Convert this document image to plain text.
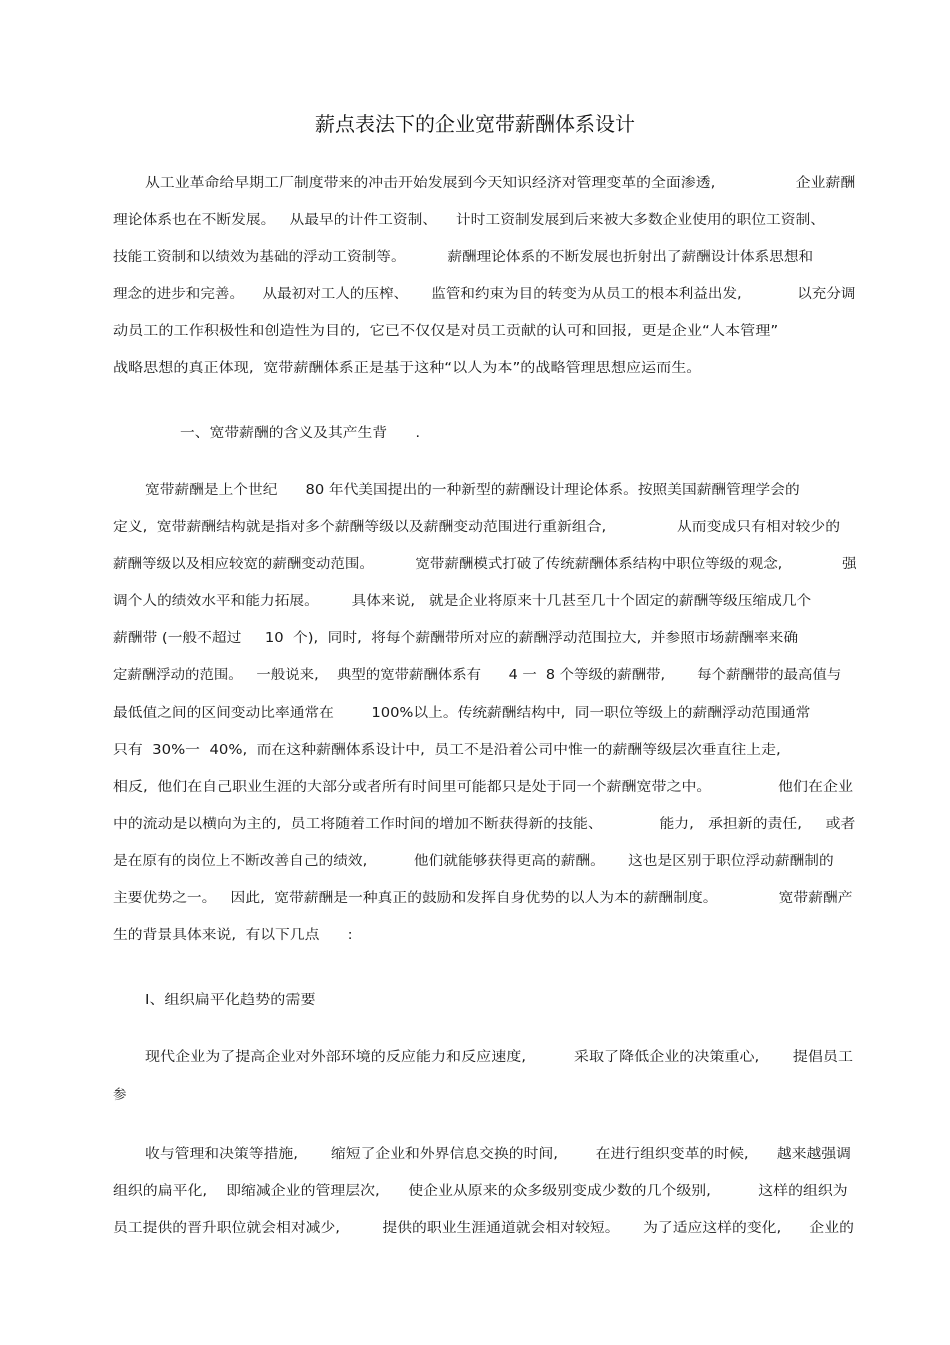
薪点表法下的企业宽带薪酬体系设计
从工业革命给早期工厂制度带来的冲击开始发展到今天知识经济对管理变革的全面渗透,                 企业薪酬
理论体系也在不断发展。   从最早的计件工资制、    计时工资制发展到后来被大多数企业使用的职位工资制、
技能工资制和以绩效为基础的浮动工资制等。         薪酬理论体系的不断发展也折射出了薪酬设计体系思想和
理念的进步和完善。    从最初对工人的压榨、     监管和约束为目的转变为从员工的根本利益出发,            以充分调
动员工的工作积极性和创造性为目的,  它已不仅仅是对员工贡献的认可和回报,  更是企业“人本管理”
战略思想的真正体现,  宽带薪酬体系正是基于这种“以人为本”的战略管理思想应运而生。
一、宽带薪酬的含义及其产生背      .
宽带薪酬是上个世纪      80 年代美国提出的一种新型的薪酬设计理论体系。按照美国薪酬管理学会的
定义,  宽带薪酬结构就是指对多个薪酬等级以及薪酬变动范围进行重新组合,               从而变成只有相对较少的
薪酬等级以及相应较宽的薪酬变动范围。         宽带薪酬模式打破了传统薪酬体系结构中职位等级的观念,             强
调个人的绩效水平和能力拓展。       具体来说,   就是企业将原来十几甚至几十个固定的薪酬等级压缩成几个
薪酬带 (一般不超过     10  个),  同时,  将每个薪酬带所对应的薪酬浮动范围拉大,  并参照市场薪酬率来确
定薪酬浮动的范围。   一般说来,    典型的宽带薪酬体系有      4 一  8 个等级的薪酬带,       每个薪酬带的最高值与
最低值之间的区间变动比率通常在        100%以上。传统薪酬结构中,  同一职位等级上的薪酬浮动范围通常
只有  30%一  40%,  而在这种薪酬体系设计中,  员工不是沿着公司中惟一的薪酬等级层次垂直往上走,
相反,  他们在自己职业生涯的大部分或者所有时间里可能都只是处于同一个薪酬宽带之中。              他们在企业
中的流动是以横向为主的,  员工将随着工作时间的增加不断获得新的技能、            能力,   承担新的责任,     或者
是在原有的岗位上不断改善自己的绩效,          他们就能够获得更高的薪酬。     这也是区别于职位浮动薪酬制的
主要优势之一。   因此,  宽带薪酬是一种真正的鼓励和发挥自身优势的以人为本的薪酬制度。             宽带薪酬产
生的背景具体来说,  有以下几点      :
I、组织扁平化趋势的需要
现代企业为了提高企业对外部环境的反应能力和反应速度,          采取了降低企业的决策重心,       提倡员工
参
收与管理和决策等措施,       缩短了企业和外界信息交换的时间,        在进行组织变革的时候,      越来越强调
组织的扁平化,    即缩减企业的管理层次,      使企业从原来的众多级别变成少数的几个级别,          这样的组织为
员工提供的晋升职位就会相对减少,         提供的职业生涯通道就会相对较短。     为了适应这样的变化,      企业的
